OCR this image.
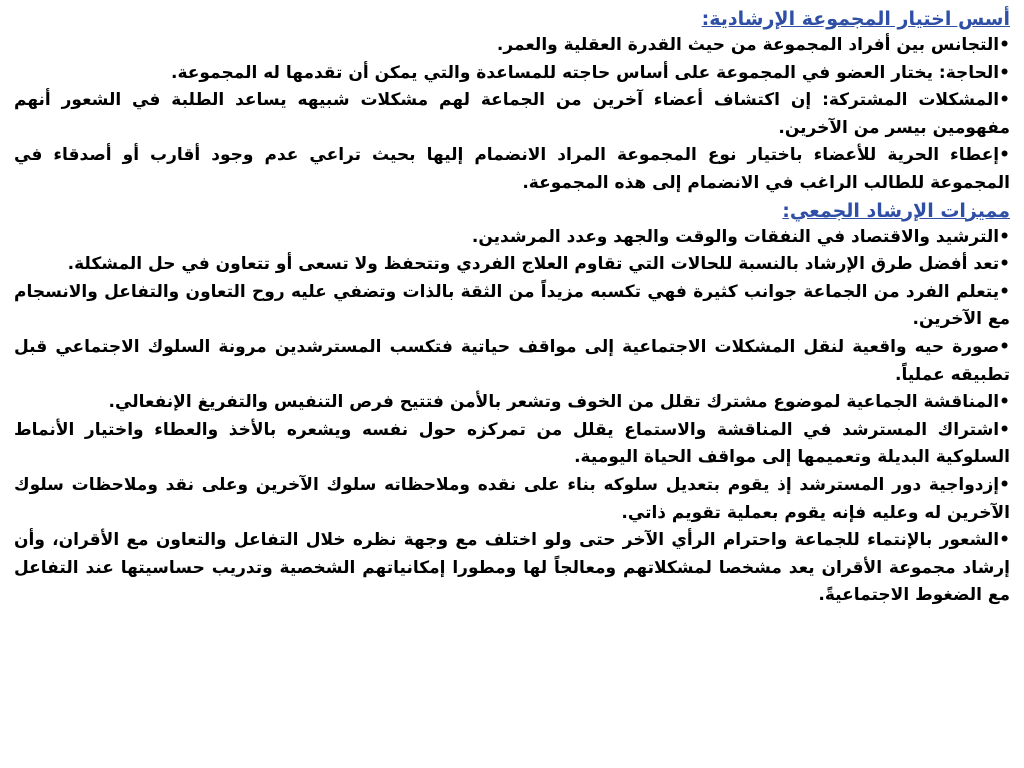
أسس اختيار المجموعة الإرشادية:

•التجانس بين أفراد المجموعة من حيث القدرة العقلية والعمر.

•الحاجة: يختار العضو في المجموعة على أساس حاجته للمساعدة والتي يمكن أن تقدمها له المجموعة.

•المشكلات المشتركة: إن اكتشاف أعضاء آخرين من الجماعة لهم مشكلات شبيهه يساعد الطلبة في الشعور أنهم مفهومين بيسر من الآخرين.

•إعطاء الحرية للأعضاء باختيار نوع المجموعة المراد الانضمام إليها بحيث تراعي عدم وجود أقارب أو أصدقاء في المجموعة للطالب الراغب في الانضمام إلى هذه المجموعة.

مميزات الإرشاد الجمعي:

•الترشيد والاقتصاد في النفقات والوقت والجهد وعدد المرشدين.

•تعد أفضل طرق الإرشاد بالنسبة للحالات التي تقاوم العلاج الفردي وتتحفظ ولا تسعى أو تتعاون في حل المشكلة.

•يتعلم الفرد من الجماعة جوانب كثيرة فهي تكسبه مزيداً من الثقة بالذات وتضفي عليه روح التعاون والتفاعل والانسجام مع الآخرين.

•صورة حيه واقعية لنقل المشكلات الاجتماعية إلى مواقف حياتية فتكسب المسترشدين مرونة السلوك الاجتماعي قبل تطبيقه عملياً.

•المناقشة الجماعية لموضوع مشترك تقلل من الخوف وتشعر بالأمن فتتيح فرص التنفيس والتفريغ الإنفعالي.

•اشتراك المسترشد في المناقشة والاستماع يقلل من تمركزه حول نفسه ويشعره بالأخذ والعطاء واختيار الأنماط السلوكية البديلة وتعميمها إلى مواقف الحياة اليومية.

•إزدواجية دور المسترشد إذ يقوم بتعديل سلوكه بناء على نقده وملاحظاته سلوك الآخرين وعلى نقد وملاحظات سلوك الآخرين له وعليه فإنه يقوم بعملية تقويم ذاتي.

•الشعور بالإنتماء للجماعة واحترام الرأي الآخر حتى ولو اختلف مع وجهة نظره خلال التفاعل والتعاون مع الأقران، وأن إرشاد مجموعة الأقران يعد مشخصا لمشكلاتهم ومعالجاً لها ومطورا إمكانياتهم الشخصية وتدريب حساسيتها عند التفاعل مع الضغوط الاجتماعيةً.
